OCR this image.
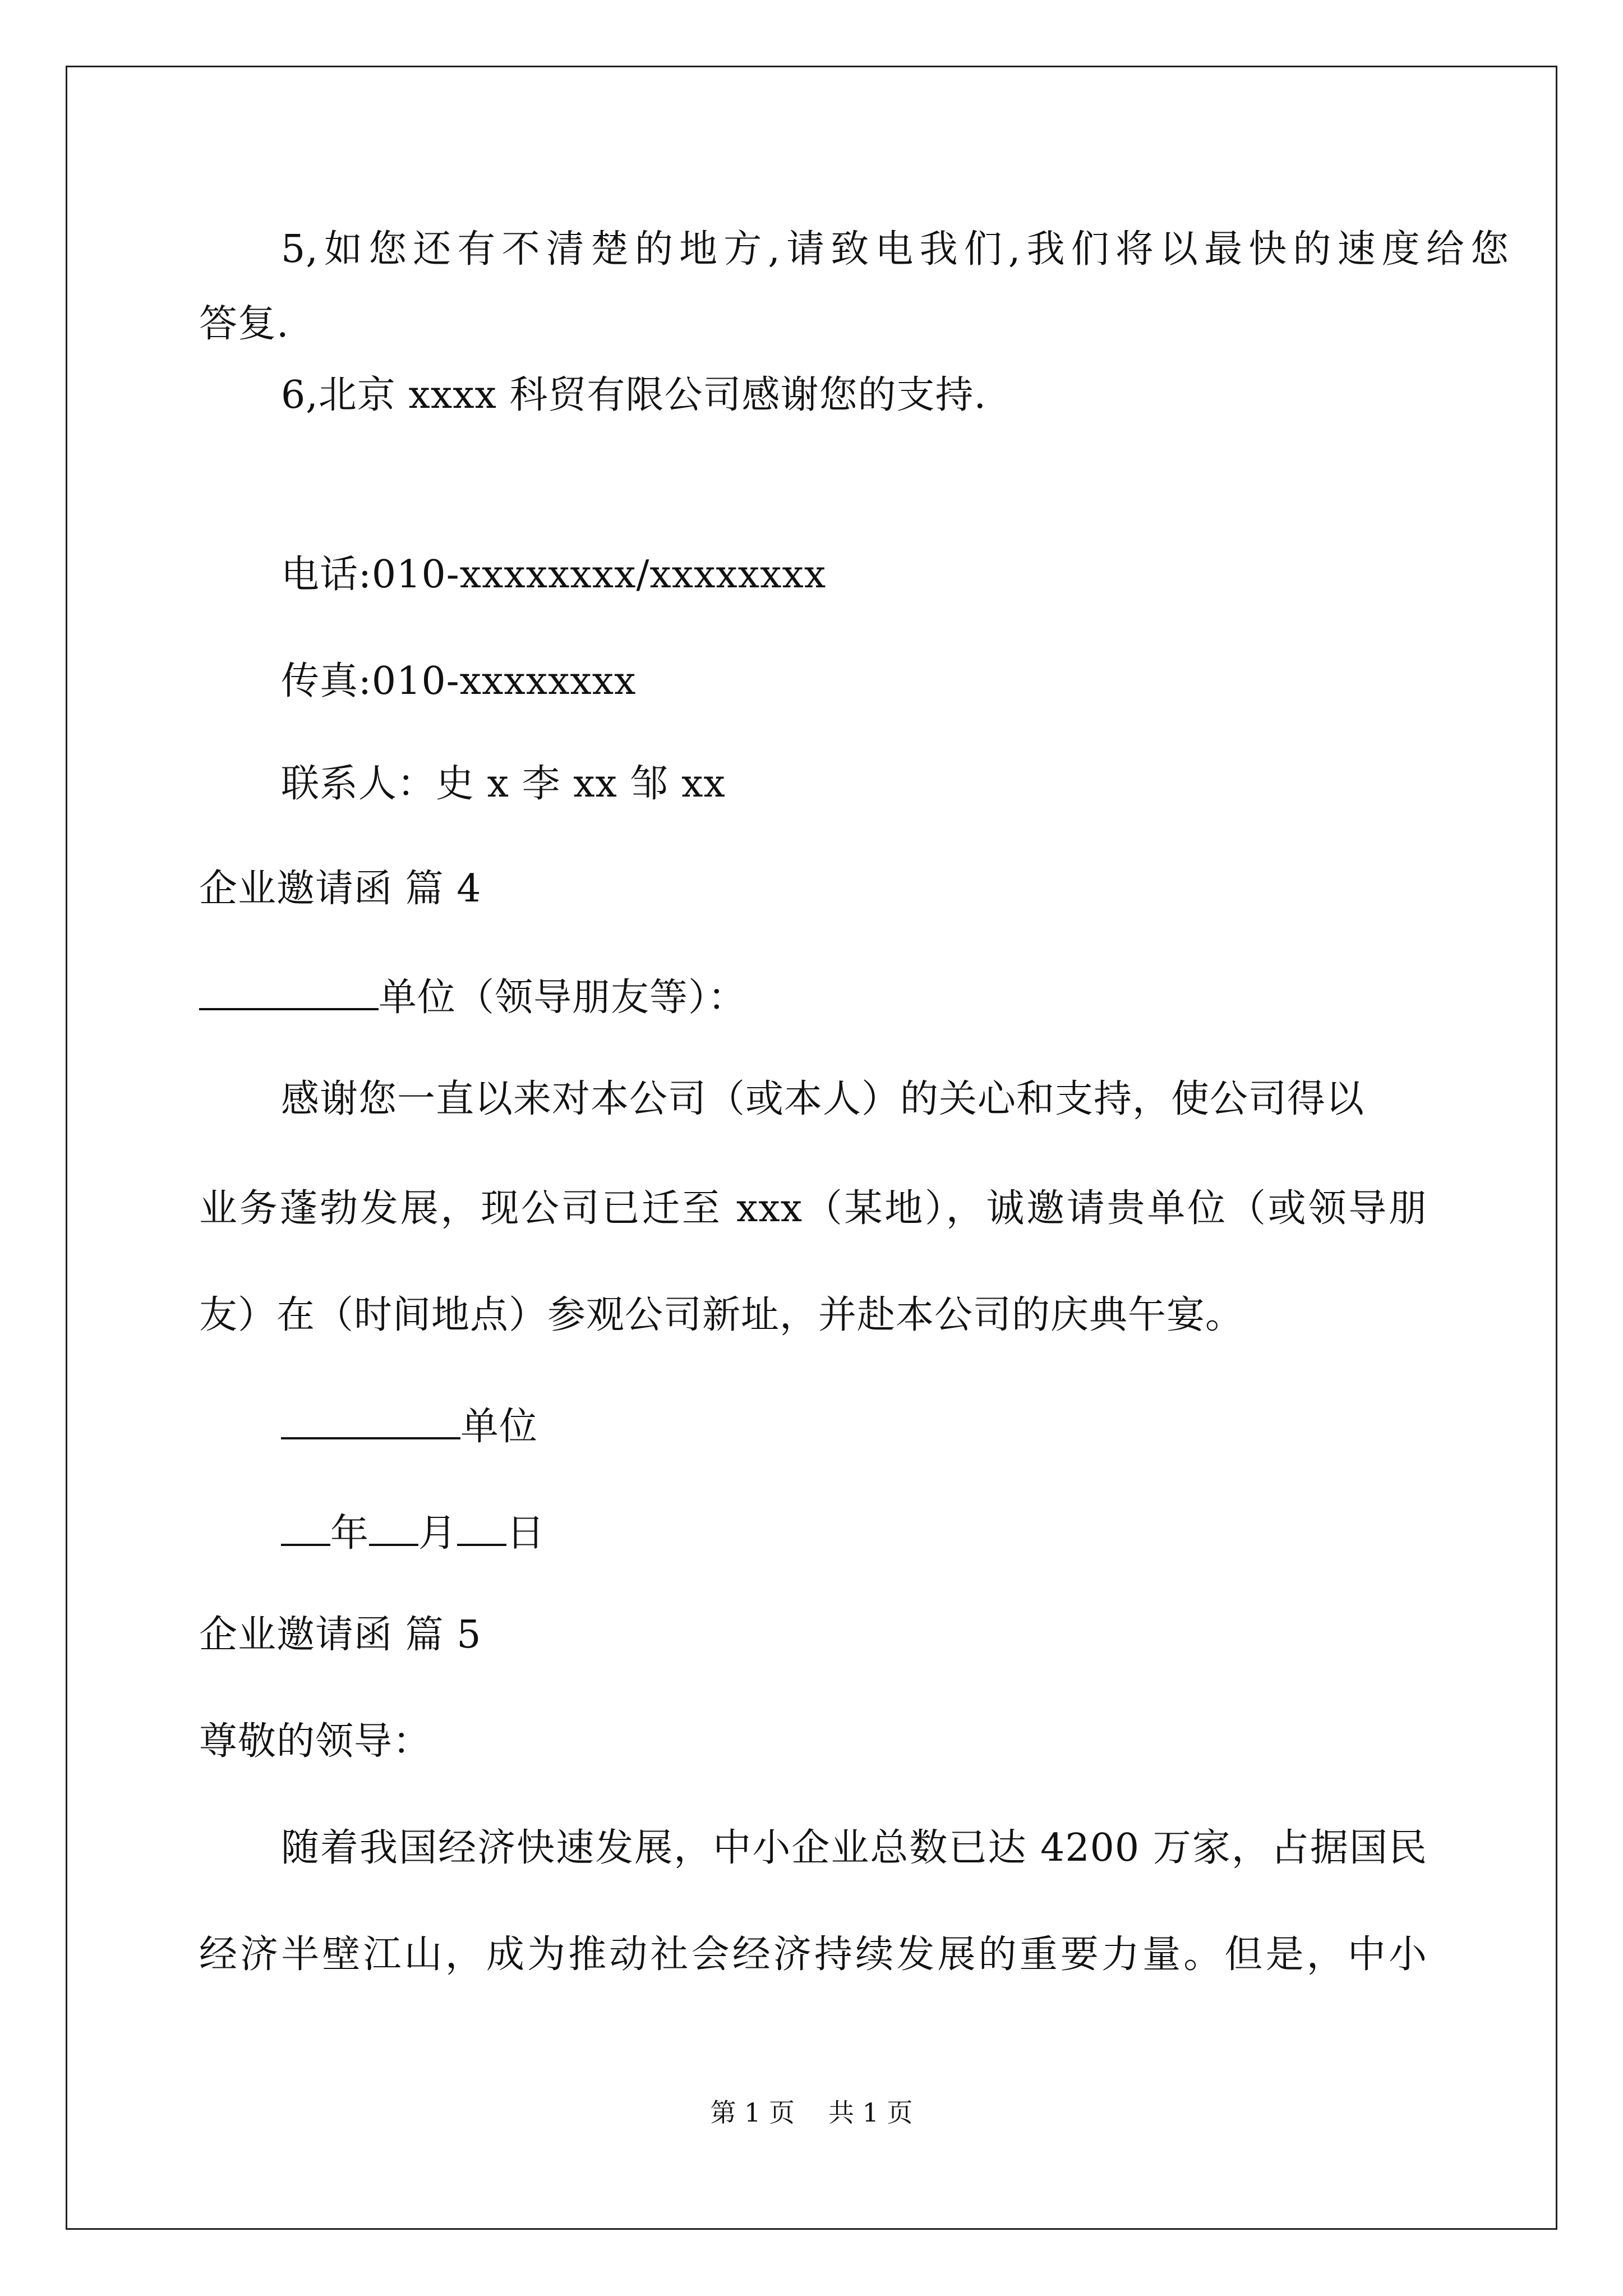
5,如您还有不清楚的地方,请致电我们,我们将以最快的速度给您
答复.
6,北京 xxxx 科贸有限公司感谢您的支持.
电话:010-xxxxxxxx/xxxxxxxx
传真:010-xxxxxxxx
联系人：史 x 李 xx 邹 xx
企业邀请函 篇 4
单位（领导朋友等）：
感谢您一直以来对本公司（或本人）的关心和支持，使公司得以
业务蓬勃发展，现公司已迁至 xxx（某地），诚邀请贵单位（或领导朋
友）在（时间地点）参观公司新址，并赴本公司的庆典午宴。
单位
年 月 日
企业邀请函 篇 5
尊敬的领导：
随着我国经济快速发展，中小企业总数已达 4200 万家，占据国民
经济半壁江山，成为推动社会经济持续发展的重要力量。但是，中小
第 1 页 共 1 页
